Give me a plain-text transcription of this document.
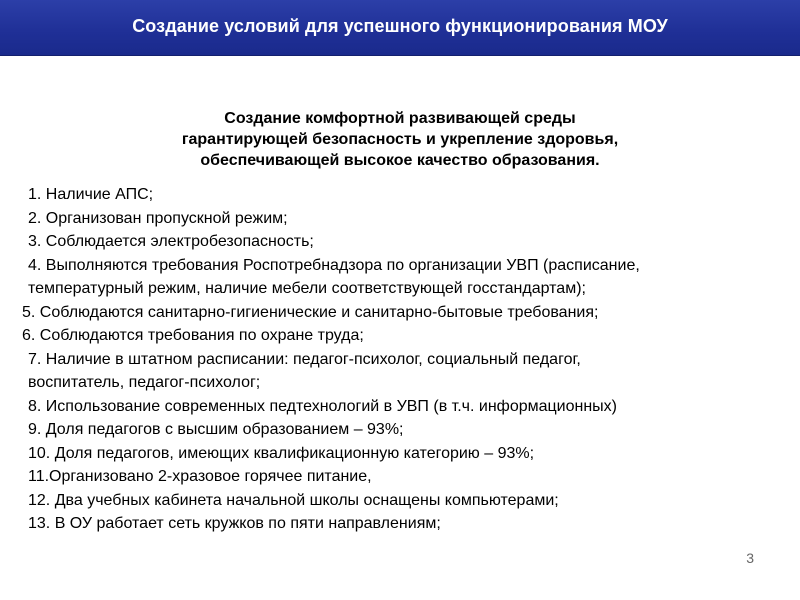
Создание условий для успешного функционирования МОУ
Создание комфортной развивающей среды
гарантирующей безопасность и укрепление здоровья,
обеспечивающей высокое качество образования.
1. Наличие АПС;
2. Организован пропускной режим;
3. Соблюдается электробезопасность;
4. Выполняются требования Роспотребнадзора по организации УВП (расписание,
температурный режим, наличие мебели соответствующей госстандартам);
5. Соблюдаются санитарно-гигиенические и санитарно-бытовые требования;
6. Соблюдаются требования по охране труда;
7. Наличие в штатном расписании: педагог-психолог, социальный педагог,
воспитатель, педагог-психолог;
8. Использование современных педтехнологий в УВП (в т.ч. информационных)
9. Доля педагогов с высшим образованием – 93%;
10. Доля педагогов, имеющих квалификационную категорию – 93%;
11.Организовано 2-хразовое горячее питание,
12. Два учебных кабинета начальной школы оснащены компьютерами;
13. В ОУ работает сеть кружков по пяти направлениям;
3
